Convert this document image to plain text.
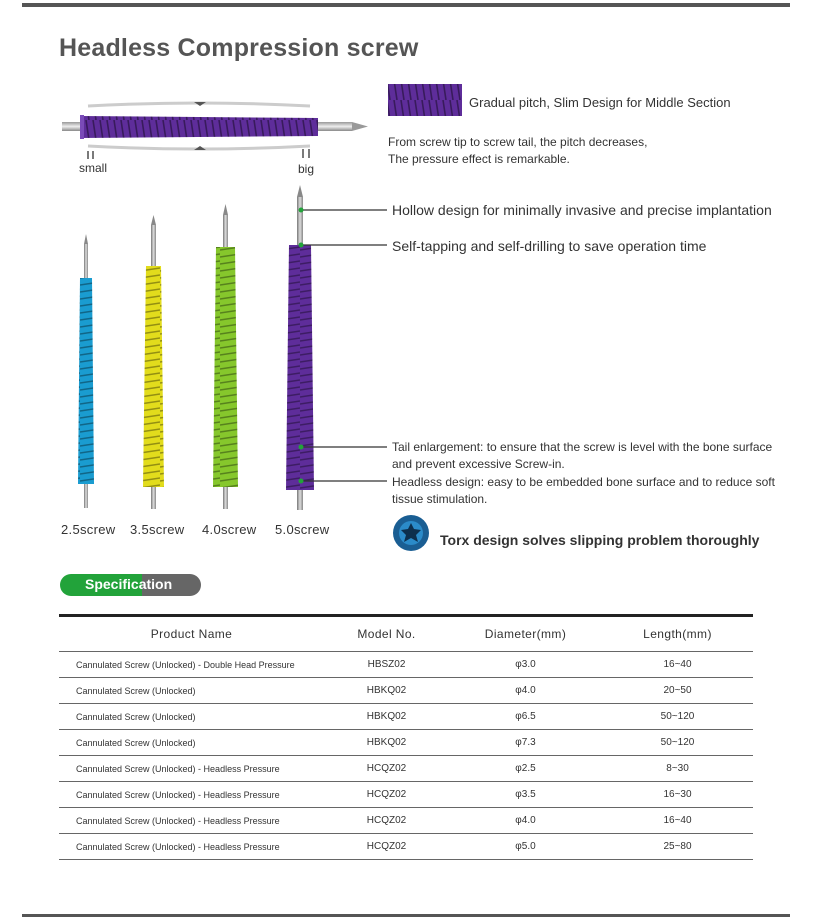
Headless Compression screw
small	big
Gradual pitch, Slim Design for Middle Section
From screw tip to screw tail, the pitch decreases,
The pressure effect is remarkable.
Hollow design for minimally invasive and precise implantation
Self-tapping and self-drilling to save operation time
Tail enlargement: to ensure that the screw is level with the bone surface
and prevent excessive Screw-in.
Headless design: easy to be embedded bone surface and to reduce soft
tissue stimulation.
2.5screw 3.5screw 4.0screw 5.0screw
Torx design solves slipping problem thoroughly
Specification
Product Name	Model No.	Diameter(mm)	Length(mm)
Cannulated Screw (Unlocked) - Double Head Pressure	HBSZ02	φ3.0	16~40
Cannulated Screw (Unlocked)	HBKQ02	φ4.0	20~50
Cannulated Screw (Unlocked)	HBKQ02	φ6.5	50~120
Cannulated Screw (Unlocked)	HBKQ02	φ7.3	50~120
Cannulated Screw (Unlocked) - Headless Pressure	HCQZ02	φ2.5	8~30
Cannulated Screw (Unlocked) - Headless Pressure	HCQZ02	φ3.5	16~30
Cannulated Screw (Unlocked) - Headless Pressure	HCQZ02	φ4.0	16~40
Cannulated Screw (Unlocked) - Headless Pressure	HCQZ02	φ5.0	25~80
